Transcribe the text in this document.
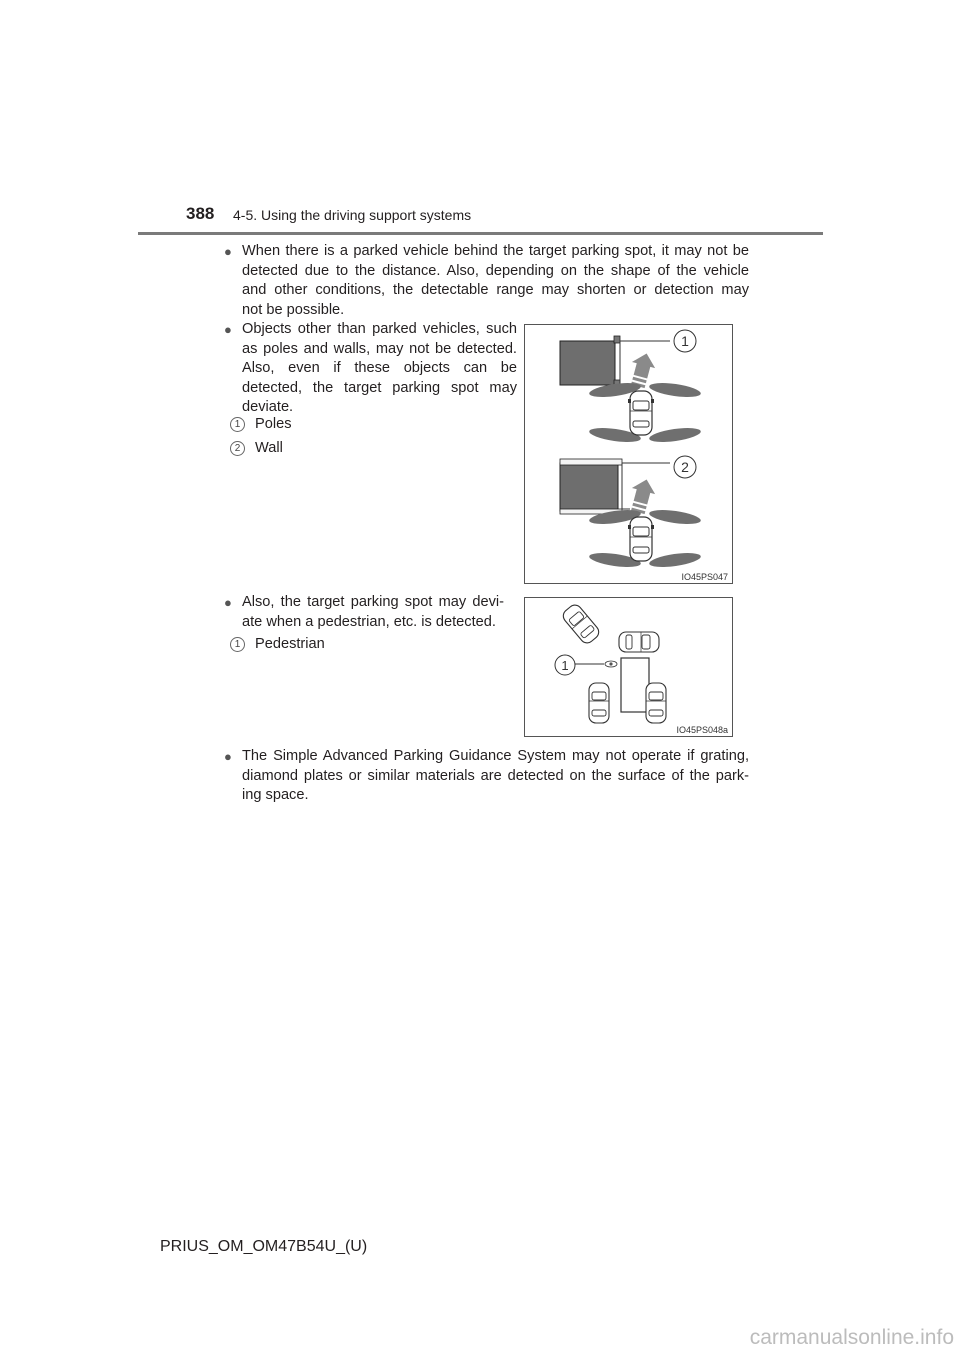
388 4-5. Using the driving support systems
● When there is a parked vehicle behind the target parking spot, it may not be
detected due to the distance. Also, depending on the shape of the vehicle
and other conditions, the detectable range may shorten or detection may
not be possible.
● Objects other than parked vehicles, such
as poles and walls, may not be detected.
Also, even if these objects can be
detected, the target parking spot may
deviate.
1	Poles
2	Wall
1
2
IO45PS047
● Also, the target parking spot may devi-
ate when a pedestrian, etc. is detected.
1	Pedestrian
1
IO45PS048a
● The Simple Advanced Parking Guidance System may not operate if grating,
diamond plates or similar materials are detected on the surface of the park-
ing space.
PRIUS_OM_OM47B54U_(U)
carmanualsonline.info
